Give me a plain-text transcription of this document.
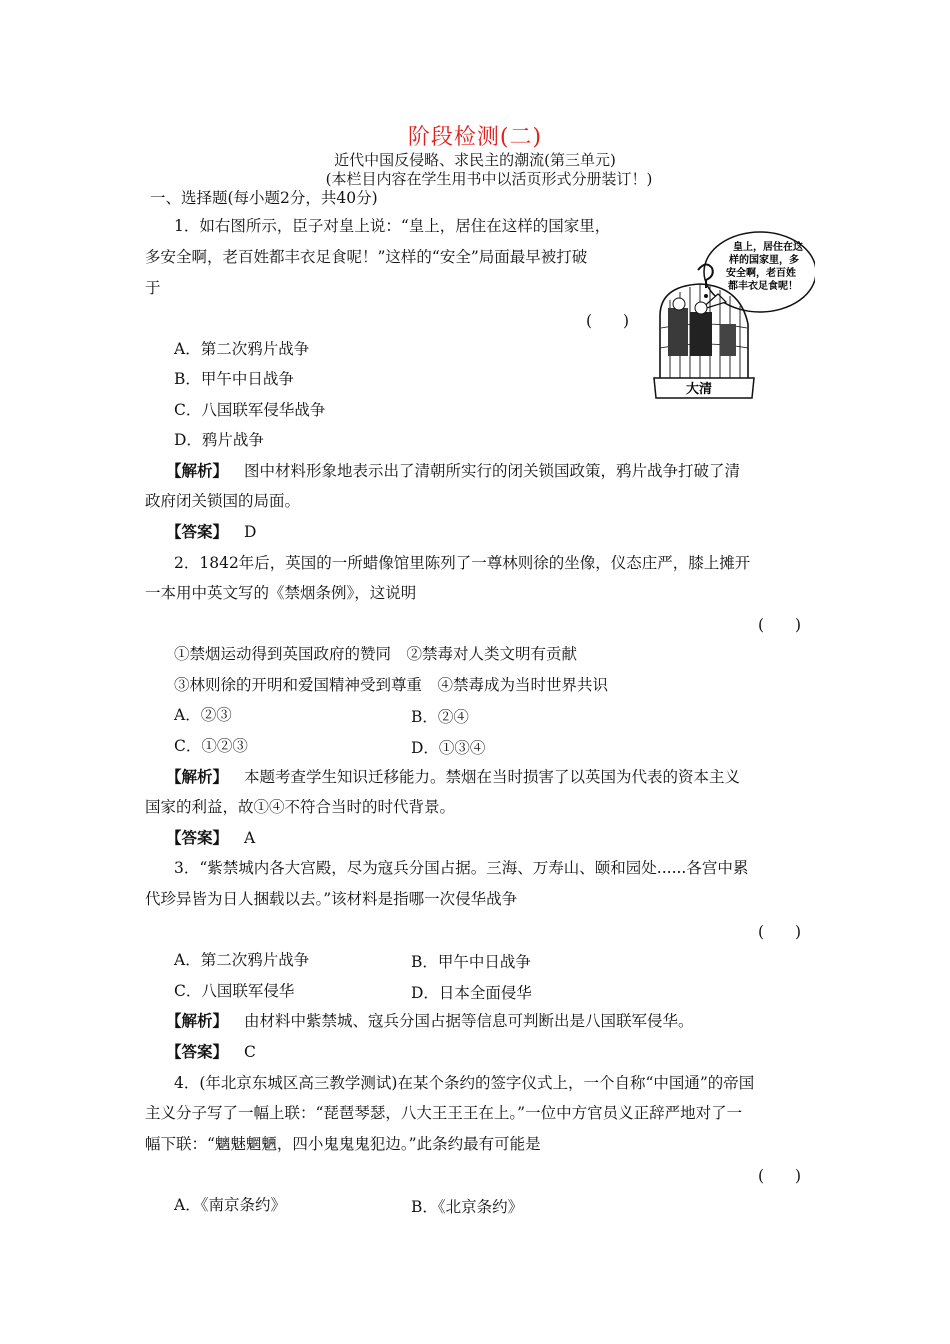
阶段检测(二)
近代中国反侵略、求民主的潮流(第三单元)
(本栏目内容在学生用书中以活页形式分册装订！)
一、选择题(每小题2分，共40分)
1．如右图所示，臣子对皇上说：“皇上，居住在这样的国家里，
多安全啊，老百姓都丰衣足食呢！”这样的“安全”局面最早被打破
于
(　　)
皇上，居住在这
样的国家里，多
安全啊，老百姓
都丰衣足食呢！
大清
A．第二次鸦片战争
B．甲午中日战争
C．八国联军侵华战争
D．鸦片战争
【解析】 图中材料形象地表示出了清朝所实行的闭关锁国政策，鸦片战争打破了清
政府闭关锁国的局面。
【答案】 D
2．1842年后，英国的一所蜡像馆里陈列了一尊林则徐的坐像，仪态庄严，膝上摊开
一本用中英文写的《禁烟条例》，这说明
(　　)
①禁烟运动得到英国政府的赞同　②禁毒对人类文明有贡献
③林则徐的开明和爱国精神受到尊重　④禁毒成为当时世界共识
A．②③	B．②④
C．①②③	D．①③④
【解析】 本题考查学生知识迁移能力。禁烟在当时损害了以英国为代表的资本主义
国家的利益，故①④不符合当时的时代背景。
【答案】 A
3．“紫禁城内各大宫殿，尽为寇兵分国占据。三海、万寿山、颐和园处......各宫中累
代珍异皆为日人捆载以去。”该材料是指哪一次侵华战争
(　　)
A．第二次鸦片战争	B．甲午中日战争
C．八国联军侵华	D．日本全面侵华
【解析】 由材料中紫禁城、寇兵分国占据等信息可判断出是八国联军侵华。
【答案】 C
4．(年北京东城区高三教学测试)在某个条约的签字仪式上，一个自称“中国通”的帝国
主义分子写了一幅上联：“琵琶琴瑟，八大王王王在上。”一位中方官员义正辞严地对了一
幅下联：“魑魅魍魉，四小鬼鬼鬼犯边。”此条约最有可能是
(　　)
A．《南京条约》	B．《北京条约》
